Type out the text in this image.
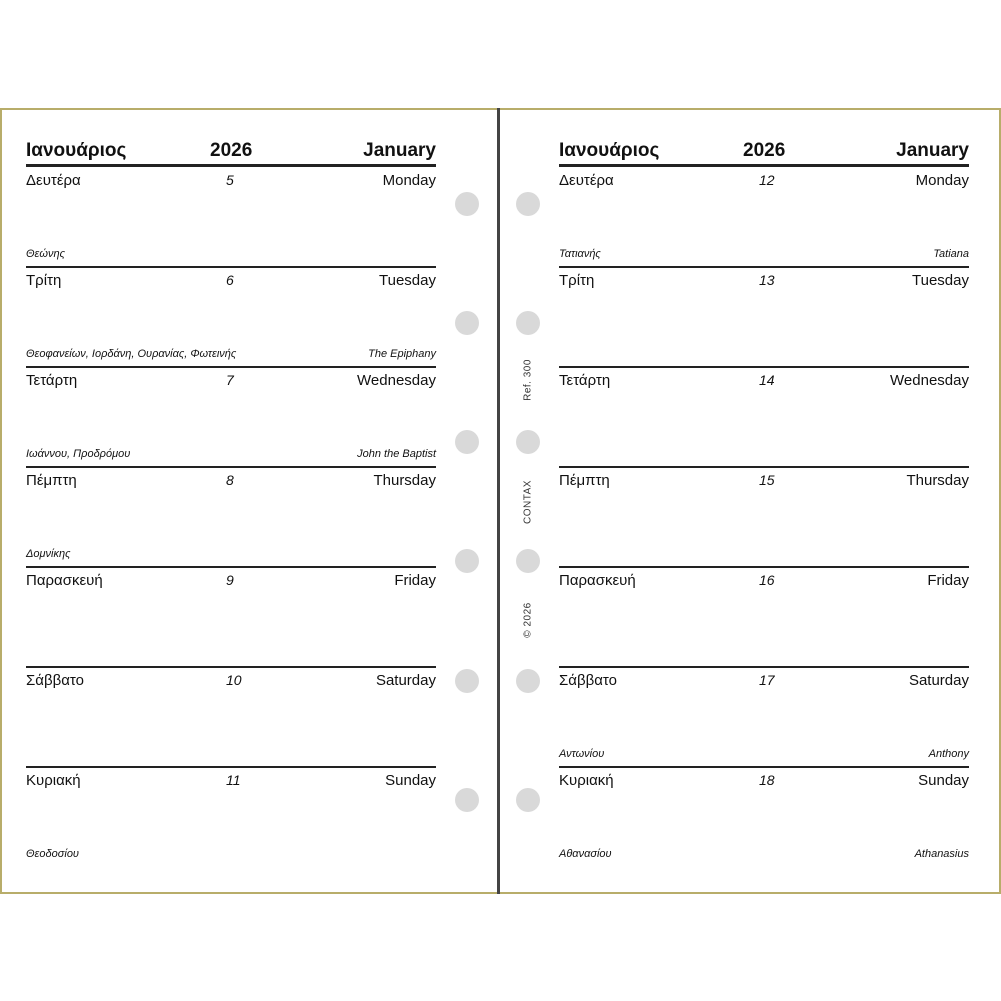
Ιανουάριος	2026	January
Δευτέρα	5	Monday
Θεώνης
Τρίτη	6	Tuesday
Θεοφανείων, Ιορδάνη, Ουρανίας, Φωτεινής	The Epiphany
Τετάρτη	7	Wednesday
Ιωάννου, Προδρόμου	John the Baptist
Πέμπτη	8	Thursday
Δομνίκης
Παρασκευή	9	Friday
Σάββατο	10	Saturday
Κυριακή	11	Sunday
Θεοδοσίου
Ιανουάριος	2026	January
Δευτέρα	12	Monday
Τατιανής	Tatiana
Τρίτη	13	Tuesday
Τετάρτη	14	Wednesday
Πέμπτη	15	Thursday
Παρασκευή	16	Friday
Σάββατο	17	Saturday
Αντωνίου	Anthony
Κυριακή	18	Sunday
Αθανασίου	Athanasius
Ref. 300
CONTAX
© 2026
